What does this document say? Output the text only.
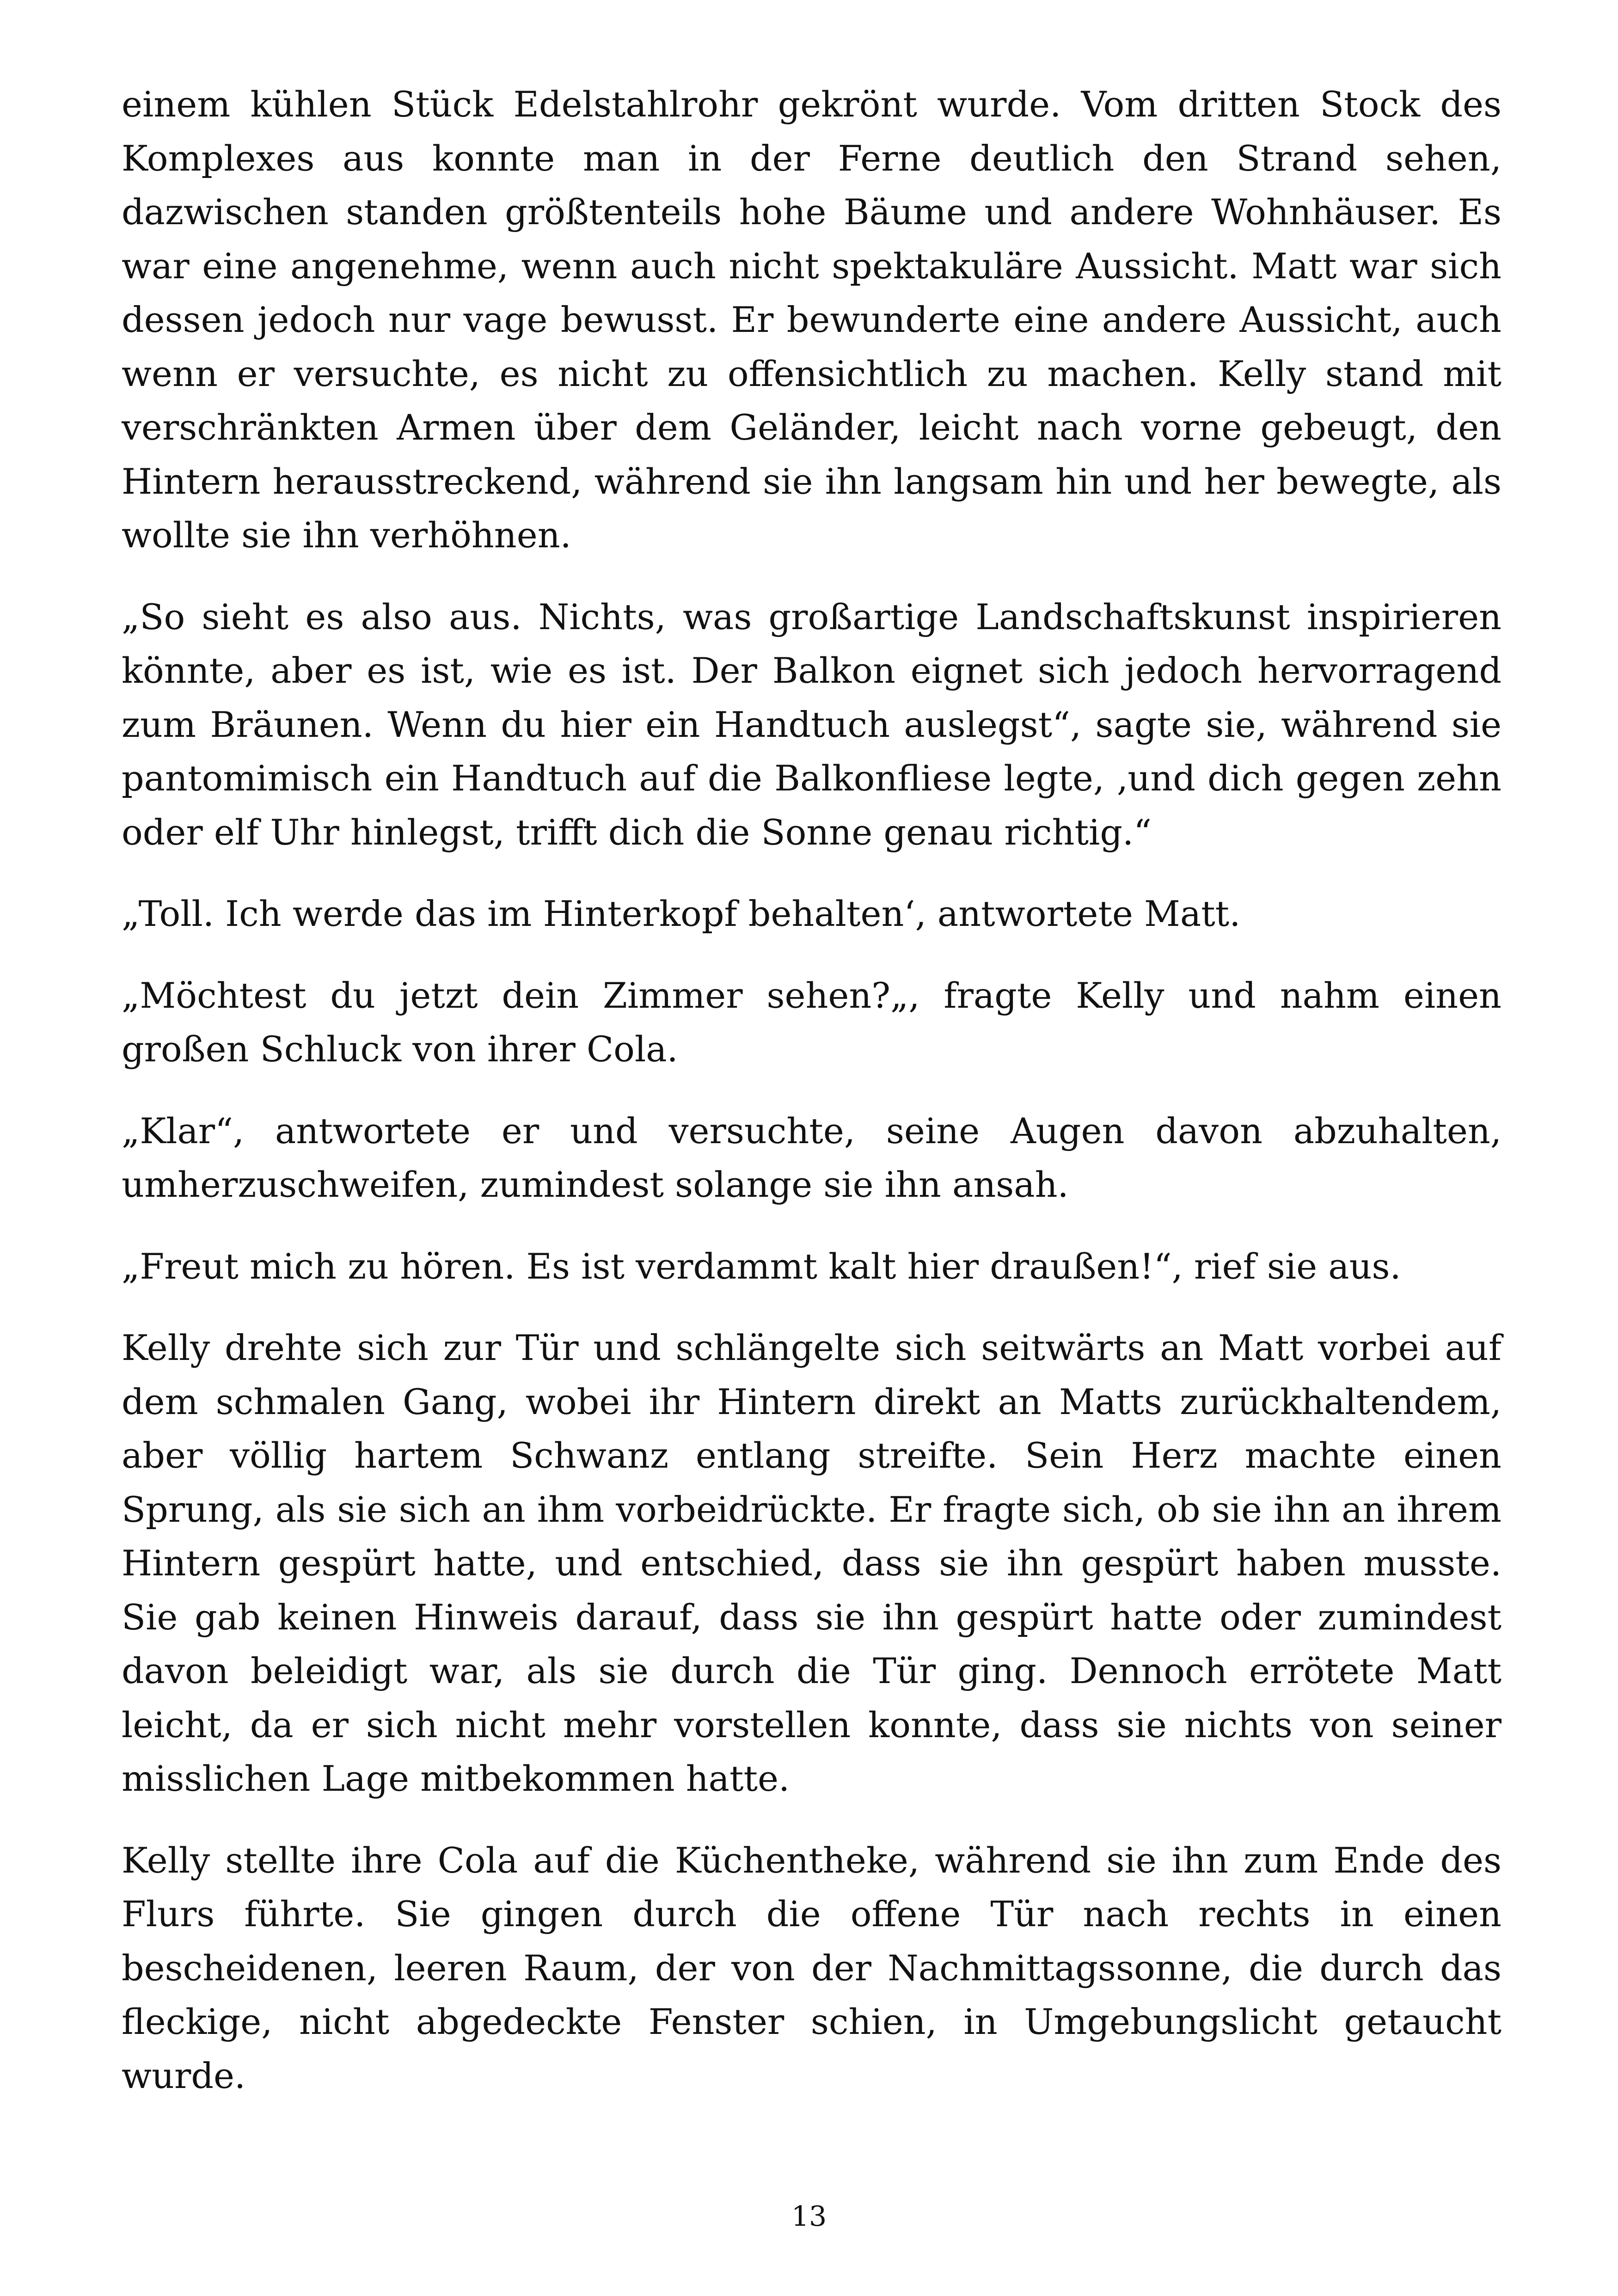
einem kühlen Stück Edelstahlrohr gekrönt wurde. Vom dritten Stock des Komplexes aus konnte man in der Ferne deutlich den Strand sehen, dazwischen standen größtenteils hohe Bäume und andere Wohnhäuser. Es war eine angenehme, wenn auch nicht spektakuläre Aussicht. Matt war sich dessen jedoch nur vage bewusst. Er bewunderte eine andere Aussicht, auch wenn er versuchte, es nicht zu offensichtlich zu machen. Kelly stand mit verschränkten Armen über dem Geländer, leicht nach vorne gebeugt, den Hintern herausstreckend, während sie ihn langsam hin und her bewegte, als wollte sie ihn verhöhnen.

„So sieht es also aus. Nichts, was großartige Landschaftskunst inspirieren könnte, aber es ist, wie es ist. Der Balkon eignet sich jedoch hervorragend zum Bräunen. Wenn du hier ein Handtuch auslegst“, sagte sie, während sie pantomimisch ein Handtuch auf die Balkonfliese legte, ‚und dich gegen zehn oder elf Uhr hinlegst, trifft dich die Sonne genau richtig.“

„Toll. Ich werde das im Hinterkopf behalten‘, antwortete Matt.

„Möchtest du jetzt dein Zimmer sehen?„, fragte Kelly und nahm einen großen Schluck von ihrer Cola.

„Klar“, antwortete er und versuchte, seine Augen davon abzuhalten, umherzuschweifen, zumindest solange sie ihn ansah.

„Freut mich zu hören. Es ist verdammt kalt hier draußen!“, rief sie aus.

Kelly drehte sich zur Tür und schlängelte sich seitwärts an Matt vorbei auf dem schmalen Gang, wobei ihr Hintern direkt an Matts zurückhaltendem, aber völlig hartem Schwanz entlang streifte. Sein Herz machte einen Sprung, als sie sich an ihm vorbeidrückte. Er fragte sich, ob sie ihn an ihrem Hintern gespürt hatte, und entschied, dass sie ihn gespürt haben musste. Sie gab keinen Hinweis darauf, dass sie ihn gespürt hatte oder zumindest davon beleidigt war, als sie durch die Tür ging. Dennoch errötete Matt leicht, da er sich nicht mehr vorstellen konnte, dass sie nichts von seiner misslichen Lage mitbekommen hatte.

Kelly stellte ihre Cola auf die Küchentheke, während sie ihn zum Ende des Flurs führte. Sie gingen durch die offene Tür nach rechts in einen bescheidenen, leeren Raum, der von der Nachmittagssonne, die durch das fleckige, nicht abgedeckte Fenster schien, in Umgebungslicht getaucht wurde.

13
